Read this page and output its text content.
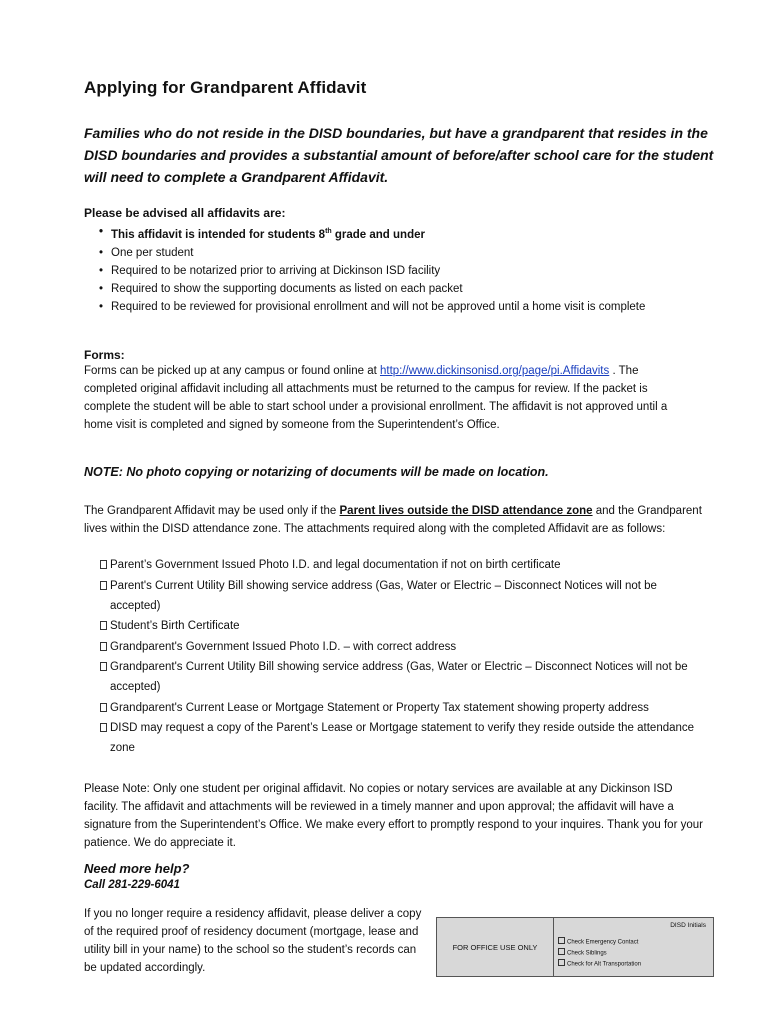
Applying for Grandparent Affidavit
Families who do not reside in the DISD boundaries, but have a grandparent that resides in the DISD boundaries and provides a substantial amount of before/after school care for the student will need to complete a Grandparent Affidavit.
Please be advised all affidavits are:
• This affidavit is intended for students 8th grade and under
• One per student
• Required to be notarized prior to arriving at Dickinson ISD facility
• Required to show the supporting documents as listed on each packet
• Required to be reviewed for provisional enrollment and will not be approved until a home visit is complete
Forms:
Forms can be picked up at any campus or found online at http://www.dickinsonisd.org/page/pi.Affidavits . The completed original affidavit including all attachments must be returned to the campus for review. If the packet is complete the student will be able to start school under a provisional enrollment. The affidavit is not approved until a home visit is completed and signed by someone from the Superintendent’s Office.
NOTE: No photo copying or notarizing of documents will be made on location.
The Grandparent Affidavit may be used only if the Parent lives outside the DISD attendance zone and the Grandparent lives within the DISD attendance zone. The attachments required along with the completed Affidavit are as follows:
Parent’s Government Issued Photo I.D. and legal documentation if not on birth certificate
Parent's Current Utility Bill showing service address (Gas, Water or Electric – Disconnect Notices will not be accepted)
Student’s Birth Certificate
Grandparent's Government Issued Photo I.D. – with correct address
Grandparent's Current Utility Bill showing service address (Gas, Water or Electric – Disconnect Notices will not be accepted)
Grandparent's Current Lease or Mortgage Statement or Property Tax statement showing property address
DISD may request a copy of the Parent’s Lease or Mortgage statement to verify they reside outside the attendance zone
Please Note: Only one student per original affidavit. No copies or notary services are available at any Dickinson ISD facility. The affidavit and attachments will be reviewed in a timely manner and upon approval; the affidavit will have a signature from the Superintendent’s Office. We make every effort to promptly respond to your inquires. Thank you for your patience. We do appreciate it.
Need more help?
Call 281-229-6041
If you no longer require a residency affidavit, please deliver a copy of the required proof of residency document (mortgage, lease and utility bill in your name) to the school so the student’s records can be updated accordingly.
FOR OFFICE USE ONLY
DISD Initials
Check Emergency Contact
Check Siblings
Check for Alt Transportation
